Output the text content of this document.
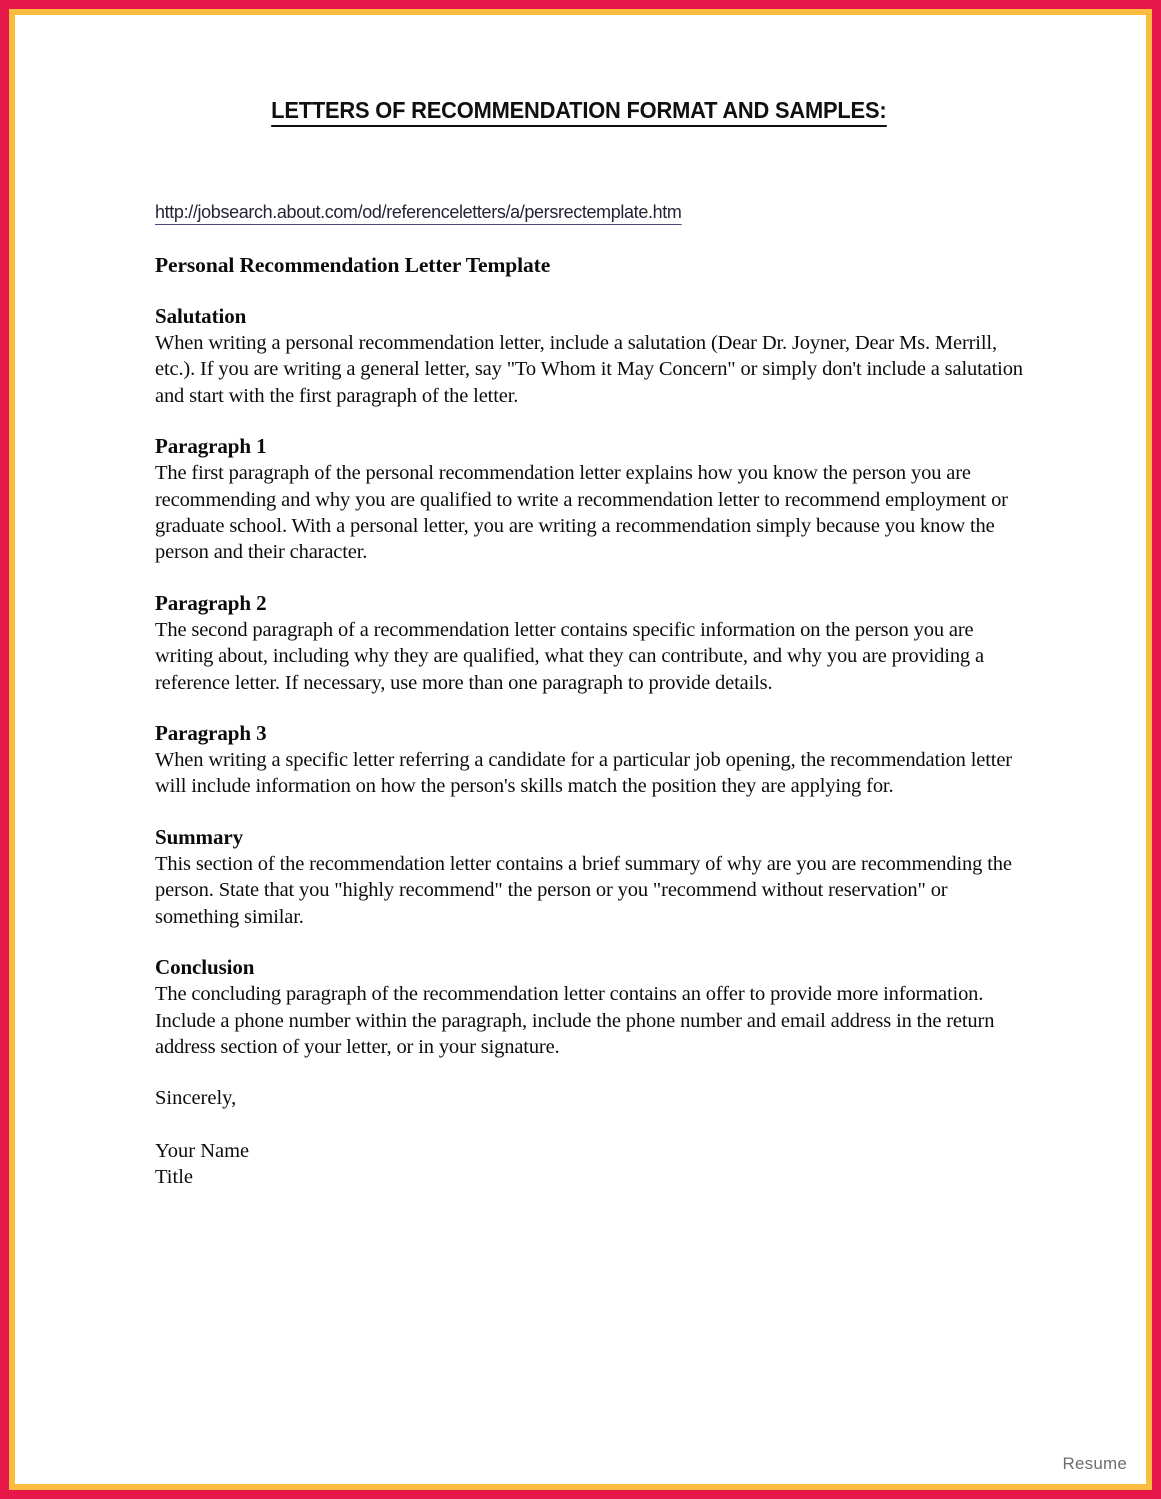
LETTERS OF RECOMMENDATION FORMAT AND SAMPLES:
http://jobsearch.about.com/od/referenceletters/a/persrectemplate.htm
Personal Recommendation Letter Template
Salutation

When writing a personal recommendation letter, include a salutation (Dear Dr. Joyner, Dear Ms. Merrill, etc.). If you are writing a general letter, say "To Whom it May Concern" or simply don't include a salutation and start with the first paragraph of the letter.

Paragraph 1

The first paragraph of the personal recommendation letter explains how you know the person you are recommending and why you are qualified to write a recommendation letter to recommend employment or graduate school. With a personal letter, you are writing a recommendation simply because you know the person and their character.

Paragraph 2

The second paragraph of a recommendation letter contains specific information on the person you are writing about, including why they are qualified, what they can contribute, and why you are providing a reference letter. If necessary, use more than one paragraph to provide details.

Paragraph 3

When writing a specific letter referring a candidate for a particular job opening, the recommendation letter will include information on how the person's skills match the position they are applying for.

Summary

This section of the recommendation letter contains a brief summary of why are you are recommending the person. State that you "highly recommend" the person or you "recommend without reservation" or something similar.

Conclusion

The concluding paragraph of the recommendation letter contains an offer to provide more information. Include a phone number within the paragraph, include the phone number and email address in the return address section of your letter, or in your signature.

Sincerely,
Your Name
Title
Resume
